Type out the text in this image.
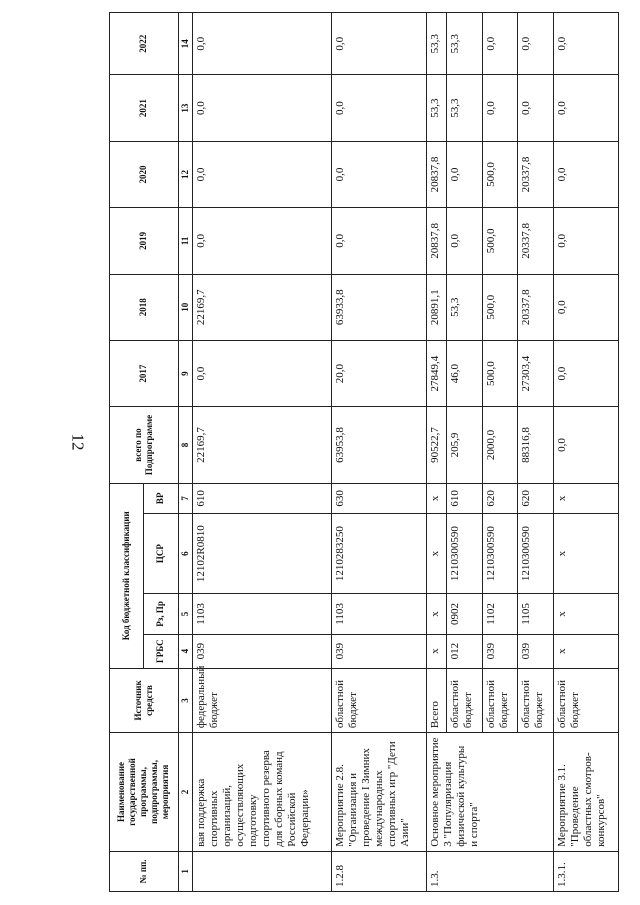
12
№ пп.	Наименование государственной программы, подпрограммы, мероприятия	Источник средств	Код бюджетной классификации				всего по Подпрограмме	2017	2018	2019	2020	2021	2022
			ГРБС	Рз, Пр	ЦСР	ВР							
1	2	3	4	5	6	7	8	9	10	11	12	13	14
	вая поддержка спортивных организаций, осуществляющих подготовку спортивного резерва для сборных команд Российской Федерации»	федеральный бюджет	039	1103	12102R0810	610	22169,7	0,0	22169,7	0,0	0,0	0,0	0,0
1.2.8	Мероприятие 2.8. "Организация и проведение I Зимних международных спортивных игр "Дети Азии"	областной бюджет	039	1103	1210283250	630	63953,8	20,0	63933,8	0,0	0,0	0,0	0,0
1.3.	Основное мероприятие 3 "Популяризация физической культуры и спорта"	Всего	x	x	x	x	90522,7	27849,4	20891,1	20837,8	20837,8	53,3	53,3
		областной бюджет	012	0902	1210300590	610	205,9	46,0	53,3	0,0	0,0	53,3	53,3
		областной бюджет	039	1102	1210300590	620	2000,0	500,0	500,0	500,0	500,0	0,0	0,0
		областной бюджет	039	1105	1210300590	620	88316,8	27303,4	20337,8	20337,8	20337,8	0,0	0,0
1.3.1.	Мероприятие 3.1. "Проведение областных смотров-конкурсов"	областной бюджет	x	x	x	x	0,0	0,0	0,0	0,0	0,0	0,0	0,0
